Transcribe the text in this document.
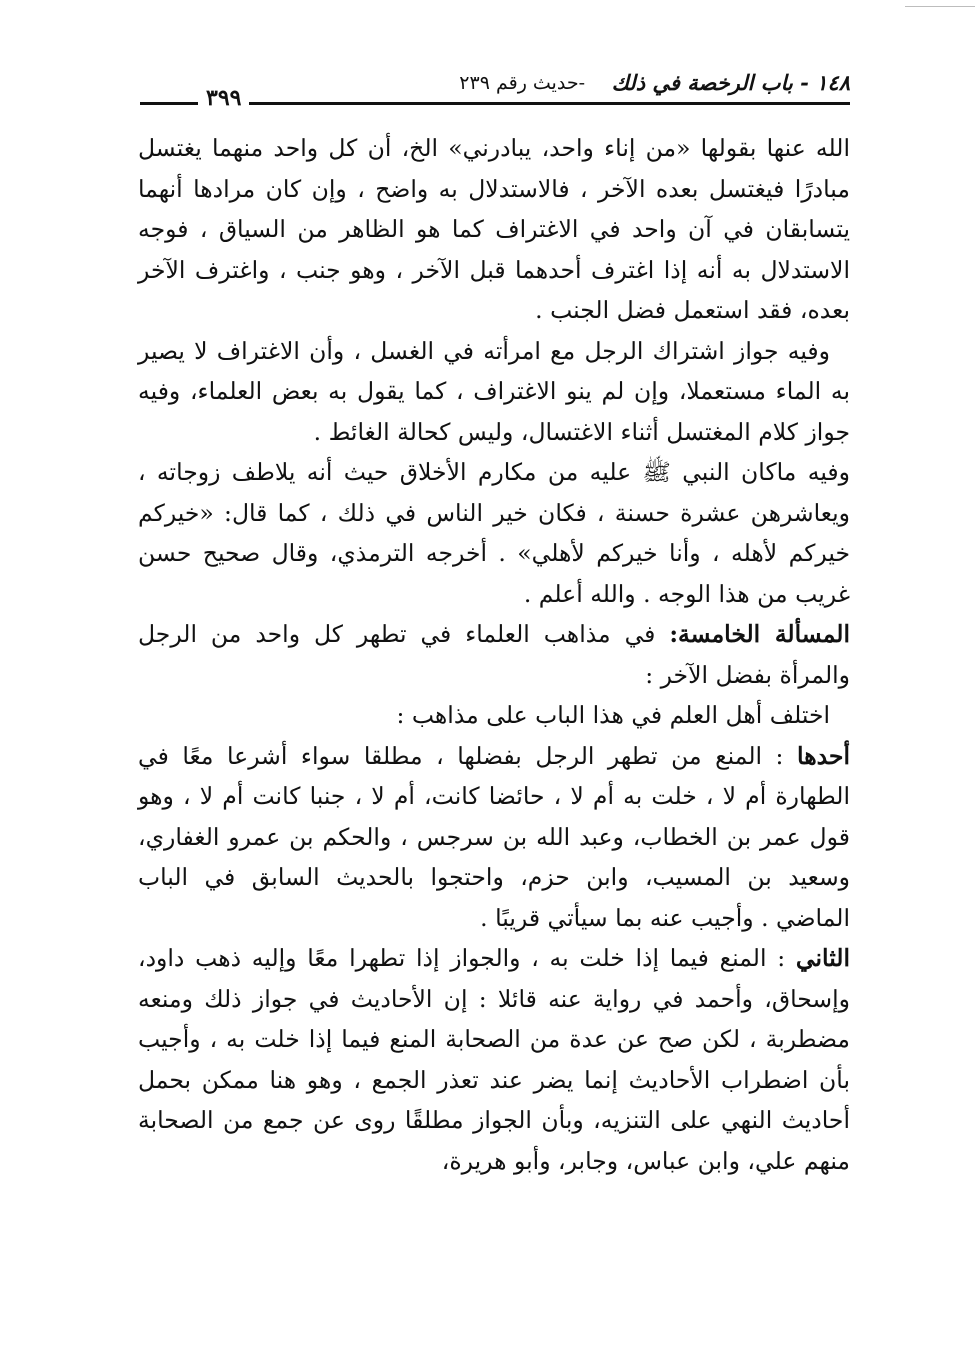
١٤٨ - باب الرخصة في ذلك
-حديث رقم ٢٣٩
٣٩٩

الله عنها بقولها «من إناء واحد، يبادرني» الخ، أن كل واحد منهما يغتسل مبادرًا فيغتسل بعده الآخر ، فالاستدلال به واضح ، وإن كان مرادها أنهما يتسابقان في آن واحد في الاغتراف كما هو الظاهر من السياق ، فوجه الاستدلال به أنه إذا اغترف أحدهما قبل الآخر ، وهو جنب ، واغترف الآخر بعده، فقد استعمل فضل الجنب .

وفيه جواز اشتراك الرجل مع امرأته في الغسل ، وأن الاغتراف لا يصير به الماء مستعملا، وإن لم ينو الاغتراف ، كما يقول به بعض العلماء، وفيه جواز كلام المغتسل أثناء الاغتسال، وليس كحالة الغائط .

وفيه ماكان النبي ﷺ عليه من مكارم الأخلاق حيث أنه يلاطف زوجاته ، ويعاشرهن عشرة حسنة ، فكان خير الناس في ذلك ، كما قال: «خيركم خيركم لأهله ، وأنا خيركم لأهلي» . أخرجه الترمذي، وقال صحيح حسن غريب من هذا الوجه . والله أعلم .

المسألة الخامسة: في مذاهب العلماء في تطهر كل واحد من الرجل والمرأة بفضل الآخر :

اختلف أهل العلم في هذا الباب على مذاهب :

أحدها : المنع من تطهر الرجل بفضلها ، مطلقا سواء أشرعا معًا في الطهارة أم لا ، خلت به أم لا ، حائضا كانت، أم لا ، جنبا كانت أم لا ، وهو قول عمر بن الخطاب، وعبد الله بن سرجس ، والحكم بن عمرو الغفاري، وسعيد بن المسيب، وابن حزم، واحتجوا بالحديث السابق في الباب الماضي . وأجيب عنه بما سيأتي قريبًا .

الثاني : المنع فيما إذا خلت به ، والجواز إذا تطهرا معًا وإليه ذهب داود، وإسحاق، وأحمد في رواية عنه قائلا : إن الأحاديث في جواز ذلك ومنعه مضطربة ، لكن صح عن عدة من الصحابة المنع فيما إذا خلت به ، وأجيب بأن اضطراب الأحاديث إنما يضر عند تعذر الجمع ، وهو هنا ممكن بحمل أحاديث النهي على التنزيه، وبأن الجواز مطلقًا روى عن جمع من الصحابة منهم علي، وابن عباس، وجابر، وأبو هريرة،
